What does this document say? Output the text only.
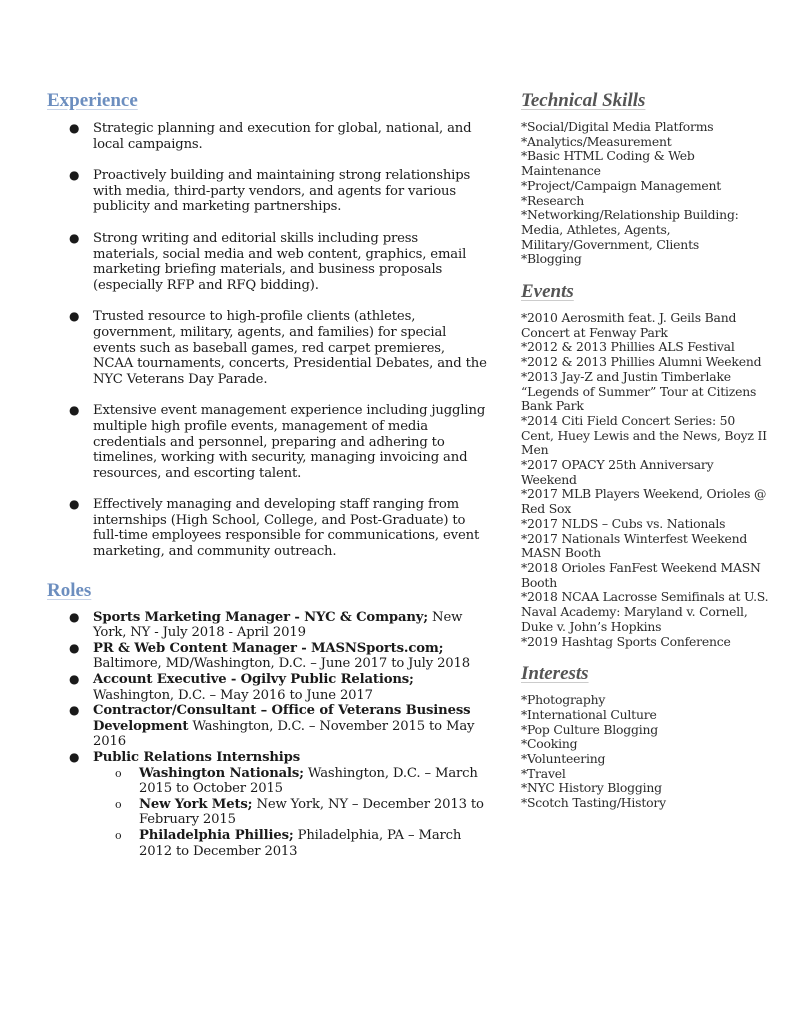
Experience
● Strategic planning and execution for global, national, and local campaigns.
● Proactively building and maintaining strong relationships with media, third-party vendors, and agents for various publicity and marketing partnerships.
● Strong writing and editorial skills including press materials, social media and web content, graphics, email marketing briefing materials, and business proposals (especially RFP and RFQ bidding).
● Trusted resource to high-profile clients (athletes, government, military, agents, and families) for special events such as baseball games, red carpet premieres, NCAA tournaments, concerts, Presidential Debates, and the NYC Veterans Day Parade.
● Extensive event management experience including juggling multiple high profile events, management of media credentials and personnel, preparing and adhering to timelines, working with security, managing invoicing and resources, and escorting talent.
● Effectively managing and developing staff ranging from internships (High School, College, and Post-Graduate) to full-time employees responsible for communications, event marketing, and community outreach.
Roles
● Sports Marketing Manager - NYC & Company; New York, NY - July 2018 - April 2019
● PR & Web Content Manager - MASNSports.com; Baltimore, MD/Washington, D.C. – June 2017 to July 2018
● Account Executive - Ogilvy Public Relations; Washington, D.C. – May 2016 to June 2017
● Contractor/Consultant – Office of Veterans Business Development Washington, D.C. – November 2015 to May 2016
● Public Relations Internships
o Washington Nationals; Washington, D.C. – March 2015 to October 2015
o New York Mets; New York, NY – December 2013 to February 2015
o Philadelphia Phillies; Philadelphia, PA – March 2012 to December 2013
Technical Skills
*Social/Digital Media Platforms
*Analytics/Measurement
*Basic HTML Coding & Web Maintenance
*Project/Campaign Management
*Research
*Networking/Relationship Building: Media, Athletes, Agents, Military/Government, Clients
*Blogging
Events
*2010 Aerosmith feat. J. Geils Band Concert at Fenway Park
*2012 & 2013 Phillies ALS Festival
*2012 & 2013 Phillies Alumni Weekend
*2013 Jay-Z and Justin Timberlake “Legends of Summer” Tour at Citizens Bank Park
*2014 Citi Field Concert Series: 50 Cent, Huey Lewis and the News, Boyz II Men
*2017 OPACY 25th Anniversary Weekend
*2017 MLB Players Weekend, Orioles @ Red Sox
*2017 NLDS – Cubs vs. Nationals
*2017 Nationals Winterfest Weekend MASN Booth
*2018 Orioles FanFest Weekend MASN Booth
*2018 NCAA Lacrosse Semifinals at U.S. Naval Academy: Maryland v. Cornell, Duke v. John’s Hopkins
*2019 Hashtag Sports Conference
Interests
*Photography
*International Culture
*Pop Culture Blogging
*Cooking
*Volunteering
*Travel
*NYC History Blogging
*Scotch Tasting/History
